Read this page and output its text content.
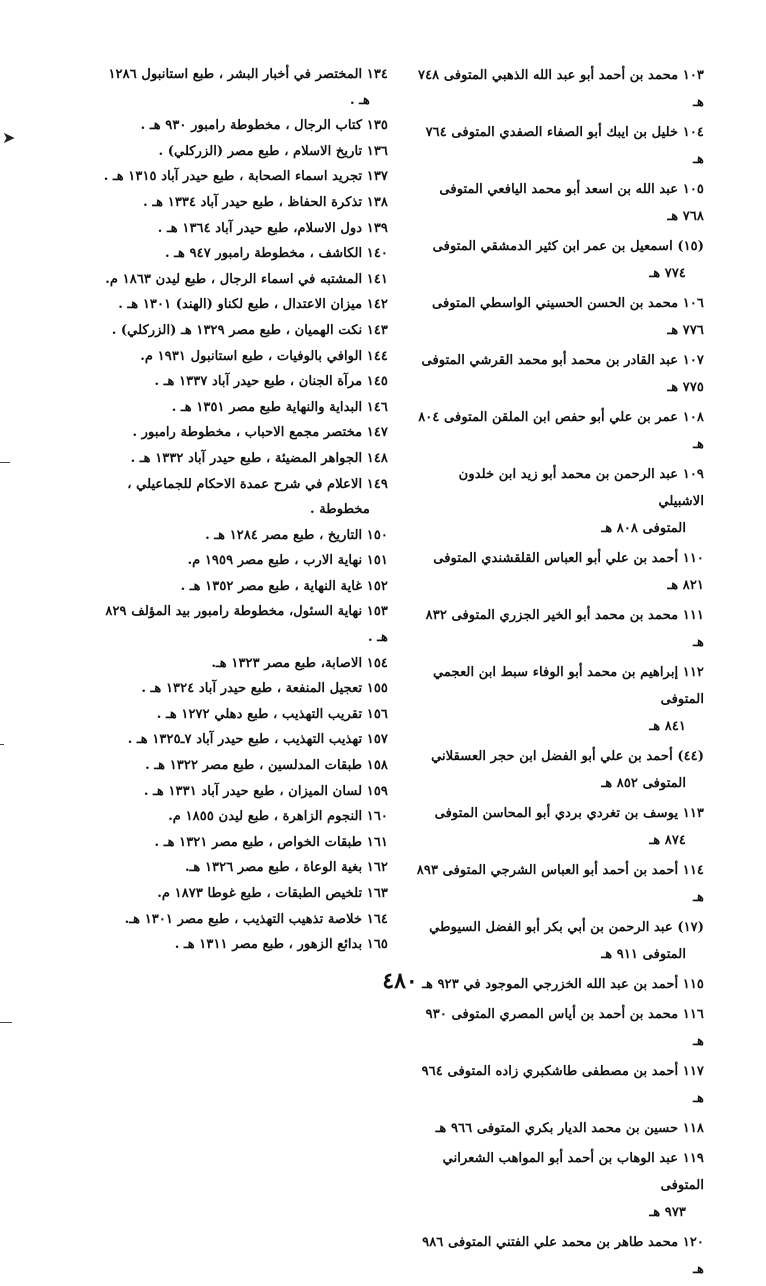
١٠٣ محمد بن أحمد أبو عبد الله الذهبي المتوفى ٧٤٨ هـ
١٠٤ خليل بن ايبك أبو الصفاء الصفدي المتوفى ٧٦٤ هـ
١٠٥ عبد الله بن اسعد أبو محمد اليافعي المتوفى ٧٦٨ هـ
(١٥) اسمعيل بن عمر ابن كثير الدمشقي المتوفى
٧٧٤ هـ
١٠٦ محمد بن الحسن الحسيني الواسطي المتوفى ٧٧٦ هـ
١٠٧ عبد القادر بن محمد أبو محمد القرشي المتوفى ٧٧٥ هـ
١٠٨ عمر بن علي أبو حفص ابن الملقن المتوفى ٨٠٤ هـ
١٠٩ عبد الرحمن بن محمد أبو زيد ابن خلدون الاشبيلي
المتوفى ٨٠٨ هـ
١١٠ أحمد بن علي أبو العباس القلقشندي المتوفى ٨٢١ هـ
١١١ محمد بن محمد أبو الخير الجزري المتوفى ٨٣٢ هـ
١١٢ إبراهيم بن محمد أبو الوفاء سبط ابن العجمي المتوفى
٨٤١ هـ
(٤٤) أحمد بن علي أبو الفضل ابن حجر العسقلاني
المتوفى ٨٥٢ هـ
١١٣ يوسف بن تغردي بردي أبو المحاسن المتوفى
٨٧٤ هـ
١١٤ أحمد بن أحمد أبو العباس الشرجي المتوفى ٨٩٣ هـ
(١٧) عبد الرحمن بن أبي بكر أبو الفضل السيوطي
المتوفى ٩١١ هـ
١١٥ أحمد بن عبد الله الخزرجي الموجود في ٩٢٣ هـ
١١٦ محمد بن أحمد بن أياس المصري المتوفى ٩٣٠ هـ
١١٧ أحمد بن مصطفى طاشكبري زاده المتوفى ٩٦٤ هـ
١١٨ حسين بن محمد الديار بكري المتوفى ٩٦٦ هـ
١١٩ عبد الوهاب بن أحمد أبو المواهب الشعراني المتوفى
٩٧٣ هـ
١٢٠ محمد طاهر بن محمد علي الفتني المتوفى ٩٨٦ هـ
١٣٤ المختصر في أخبار البشر ، طبع استانبول ١٢٨٦
هـ .
١٣٥ كتاب الرجال ، مخطوطة رامبور ٩٣٠ هـ .
١٣٦ تاريخ الاسلام ، طبع مصر (الزركلي) .
١٣٧ تجريد اسماء الصحابة ، طبع حيدر آباد ١٣١٥ هـ .
١٣٨ تذكرة الحفاظ ، طبع حيدر آباد ١٣٣٤ هـ .
١٣٩ دول الاسلام، طبع حيدر آباد ١٣٦٤ هـ .
١٤٠ الكاشف ، مخطوطة رامبور ٩٤٧ هـ .
١٤١ المشتبه في اسماء الرجال ، طبع ليدن ١٨٦٣ م.
١٤٢ ميزان الاعتدال ، طبع لكناو (الهند) ١٣٠١ هـ .
١٤٣ نكت الهميان ، طبع مصر ١٣٢٩ هـ (الزركلي) .
١٤٤ الوافي بالوفيات ، طبع استانبول ١٩٣١ م.
١٤٥ مرآة الجنان ، طبع حيدر آباد ١٣٣٧ هـ .
١٤٦ البداية والنهاية طبع مصر ١٣٥١ هـ .
١٤٧ مختصر مجمع الاحباب ، مخطوطة رامبور .
١٤٨ الجواهر المضيئة ، طبع حيدر آباد ١٣٣٢ هـ .
١٤٩ الاعلام في شرح عمدة الاحكام للجماعيلي ،
مخطوطة .
١٥٠ التاريخ ، طبع مصر ١٢٨٤ هـ .
١٥١ نهاية الارب ، طبع مصر ١٩٥٩ م.
١٥٢ غاية النهاية ، طبع مصر ١٣٥٢ هـ .
١٥٣ نهاية السئول، مخطوطة رامبور بيد المؤلف ٨٢٩ هـ .
١٥٤ الاصابة، طبع مصر ١٣٢٣ هـ.
١٥٥ تعجيل المنفعة ، طبع حيدر آباد ١٣٢٤ هـ .
١٥٦ تقريب التهذيب ، طبع دهلي ١٢٧٢ هـ .
١٥٧ تهذيب التهذيب ، طبع حيدر آباد ٧ـ١٣٢٥ هـ .
١٥٨ طبقات المدلسين ، طبع مصر ١٣٢٢ هـ .
١٥٩ لسان الميزان ، طبع حيدر آباد ١٣٣١ هـ .
١٦٠ النجوم الزاهرة ، طبع ليدن ١٨٥٥ م.
١٦١ طبقات الخواص ، طبع مصر ١٣٢١ هـ .
١٦٢ بغية الوعاة ، طبع مصر ١٣٢٦ هـ.
١٦٣ تلخيص الطبقات ، طبع غوطا ١٨٧٣ م.
١٦٤ خلاصة تذهيب التهذيب ، طبع مصر ١٣٠١ هـ.
١٦٥ بدائع الزهور ، طبع مصر ١٣١١ هـ .
٤٨٠
➤
